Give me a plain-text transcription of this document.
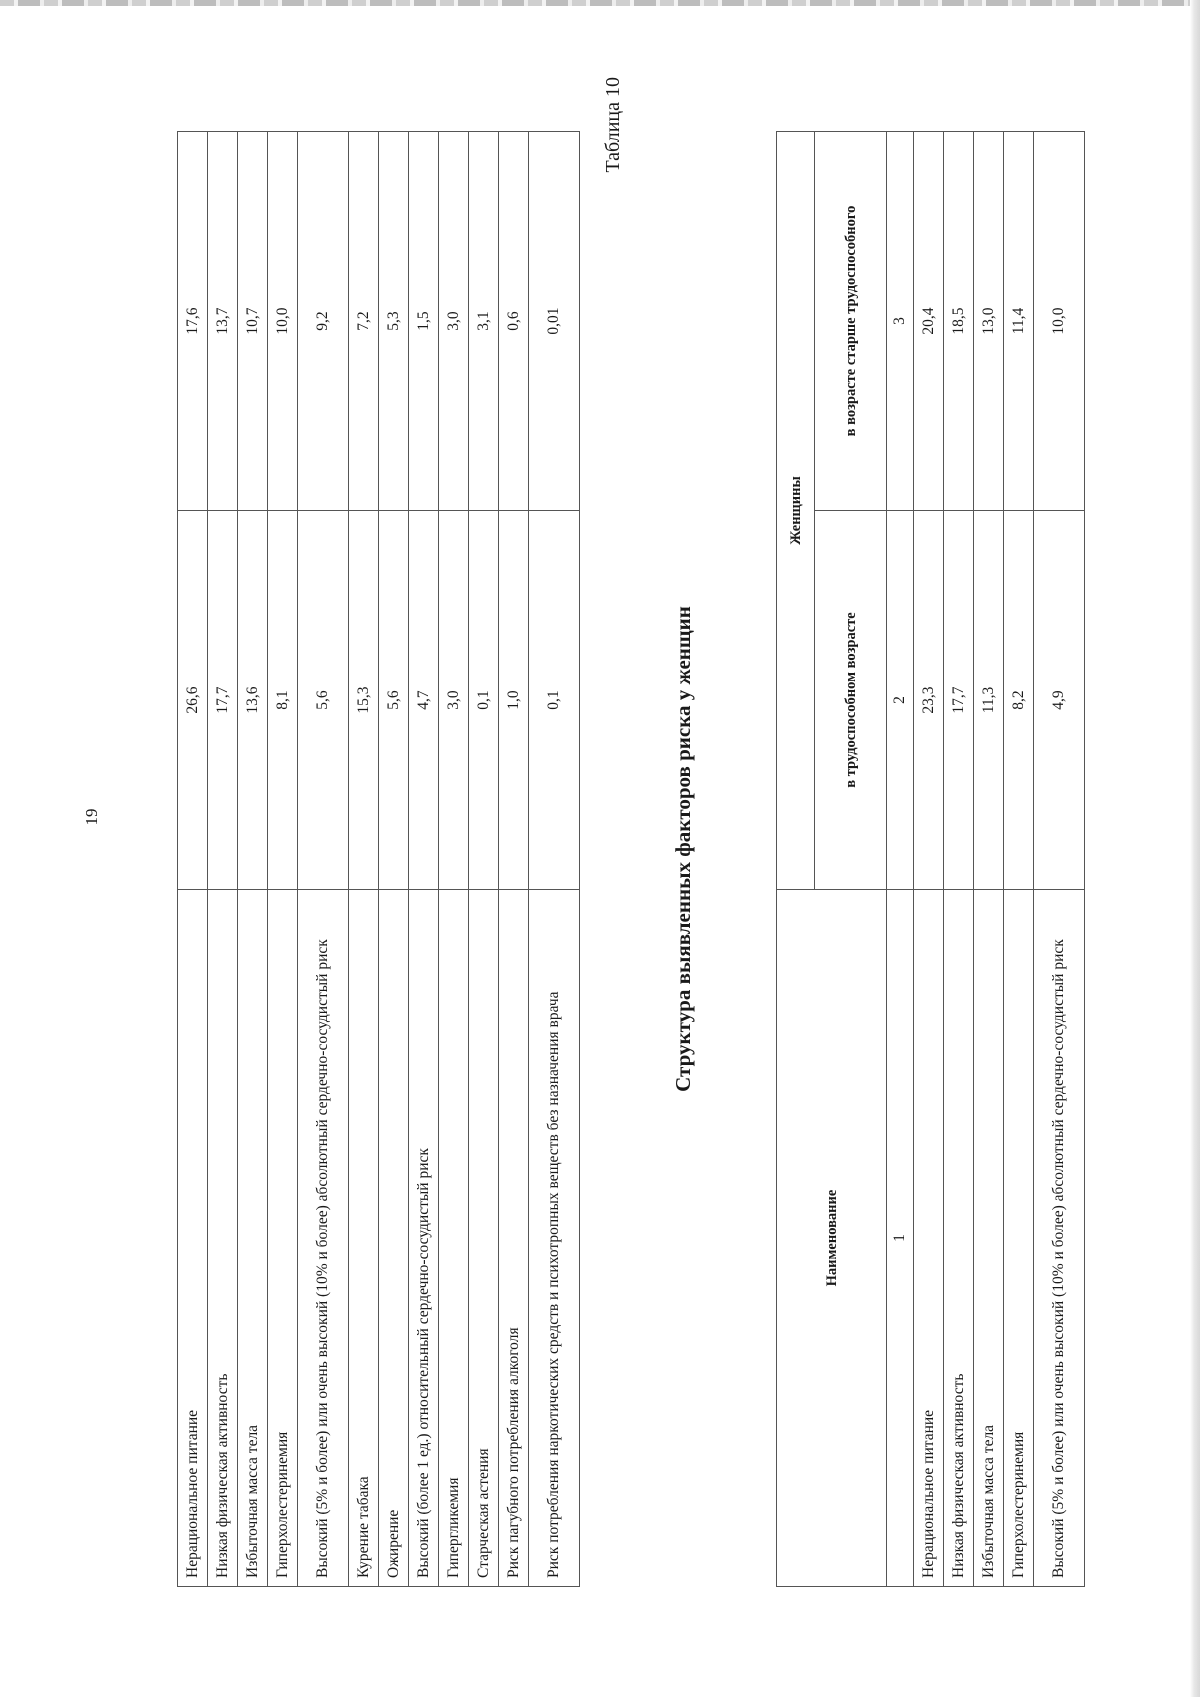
19
Нерациональное питание	26,6	17,6
Низкая физическая активность	17,7	13,7
Избыточная масса тела	13,6	10,7
Гиперхолестеринемия	8,1	10,0
Высокий (5% и более) или очень высокий (10% и более) абсолютный сердечно-сосудистый риск	5,6	9,2
Курение табака	15,3	7,2
Ожирение	5,6	5,3
Высокий (более 1 ед.) относительный сердечно-сосудистый риск	4,7	1,5
Гипергликемия	3,0	3,0
Старческая астения	0,1	3,1
Риск пагубного потребления алкоголя	1,0	0,6
Риск потребления наркотических средств и психотропных веществ без назначения врача	0,1	0,01
Таблица 10
Структура выявленных факторов риска у женщин
Наименование	Женщины	
	в трудоспособном возрасте	в возрасте старше трудоспособного
1	2	3
Нерациональное питание	23,3	20,4
Низкая физическая активность	17,7	18,5
Избыточная масса тела	11,3	13,0
Гиперхолестеринемия	8,2	11,4
Высокий (5% и более) или очень высокий (10% и более) абсолютный сердечно-сосудистый риск	4,9	10,0
